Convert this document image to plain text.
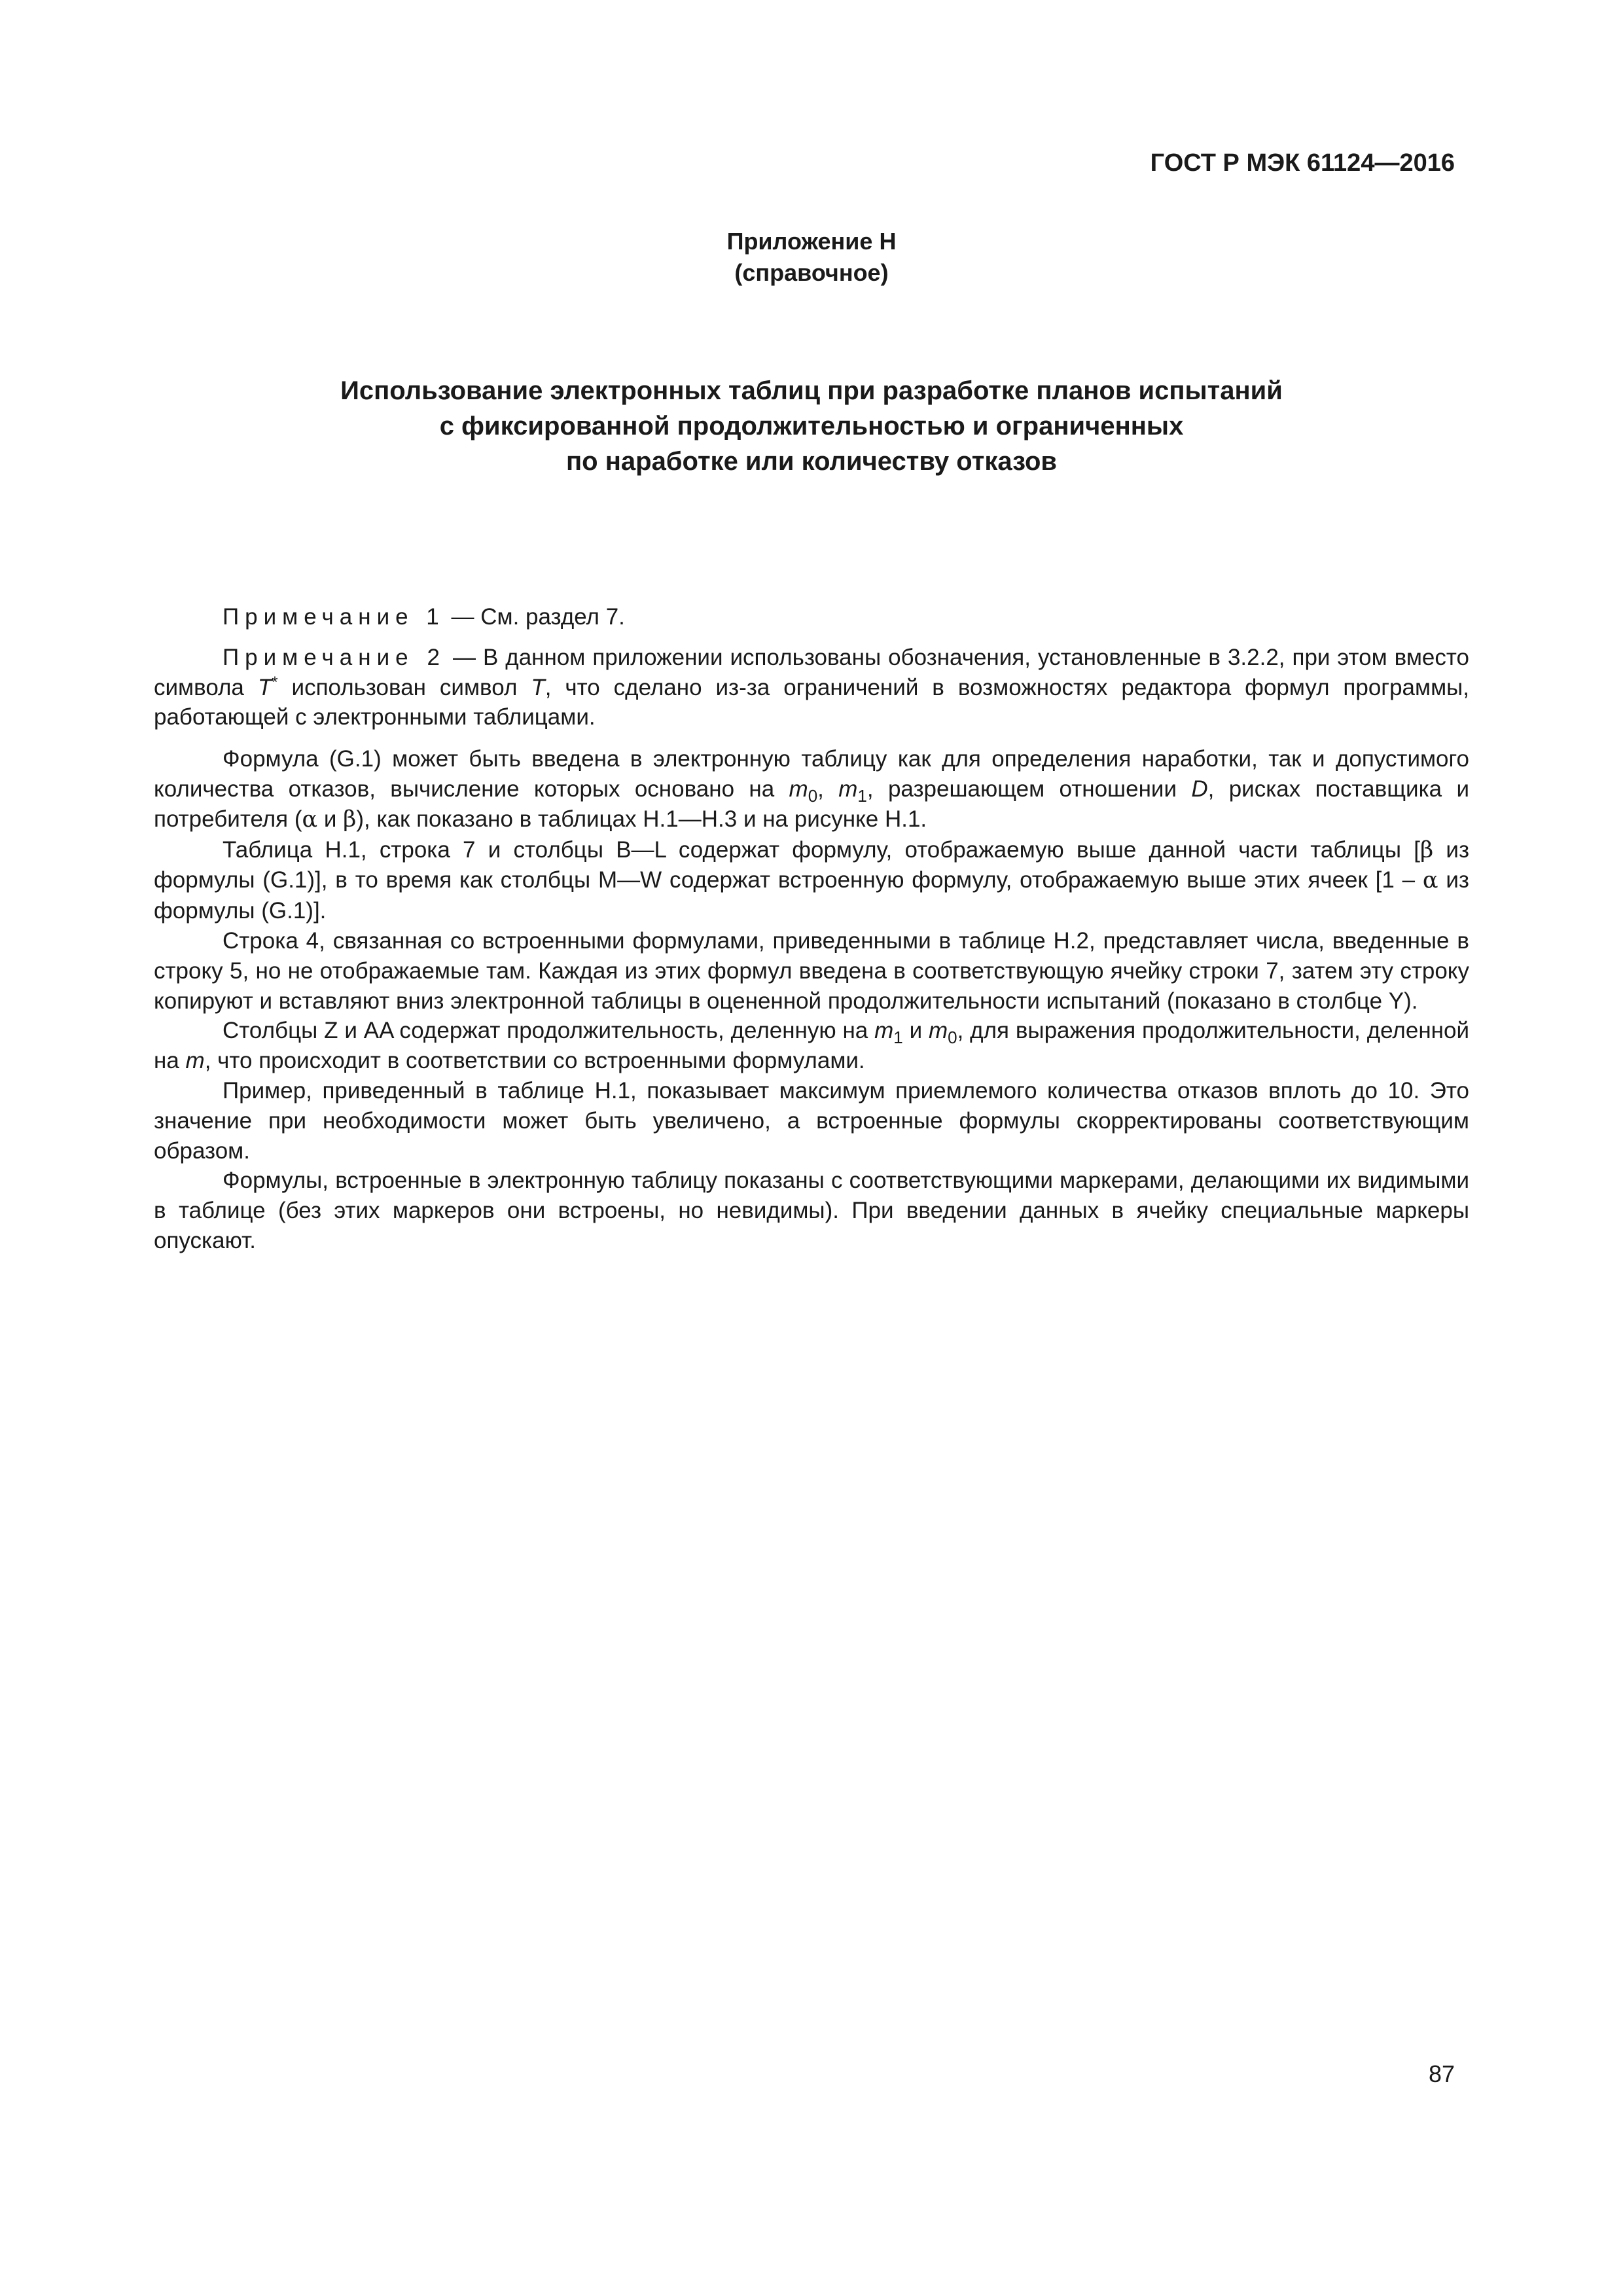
ГОСТ Р МЭК 61124—2016
Приложение Н
(справочное)
Использование электронных таблиц при разработке планов испытаний
с фиксированной продолжительностью и ограниченных
по наработке или количеству отказов

Примечание 1 — См. раздел 7.

Примечание 2 — В данном приложении использованы обозначения, установленные в 3.2.2, при этом вместо символа T* использован символ T, что сделано из-за ограничений в возможностях редактора формул программы, работающей с электронными таблицами.

Формула (G.1) может быть введена в электронную таблицу как для определения наработки, так и допустимого количества отказов, вычисление которых основано на $m_0$, $m_1$, разрешающем отношении D, рисках поставщика и потребителя (α и β), как показано в таблицах Н.1—Н.3 и на рисунке Н.1.

Таблица Н.1, строка 7 и столбцы B—L содержат формулу, отображаемую выше данной части таблицы [β из формулы (G.1)], в то время как столбцы M—W содержат встроенную формулу, отображаемую выше этих ячеек [1 – α из формулы (G.1)].

Строка 4, связанная со встроенными формулами, приведенными в таблице Н.2, представляет числа, введенные в строку 5, но не отображаемые там. Каждая из этих формул введена в соответствующую ячейку строки 7, затем эту строку копируют и вставляют вниз электронной таблицы в оцененной продолжительности испытаний (показано в столбце Y).

Столбцы Z и AA содержат продолжительность, деленную на $m_1$ и $m_0$, для выражения продолжительности, деленной на m, что происходит в соответствии со встроенными формулами.

Пример, приведенный в таблице Н.1, показывает максимум приемлемого количества отказов вплоть до 10. Это значение при необходимости может быть увеличено, а встроенные формулы скорректированы соответствующим образом.

Формулы, встроенные в электронную таблицу показаны с соответствующими маркерами, делающими их видимыми в таблице (без этих маркеров они встроены, но невидимы). При введении данных в ячейку специальные маркеры опускают.

87
